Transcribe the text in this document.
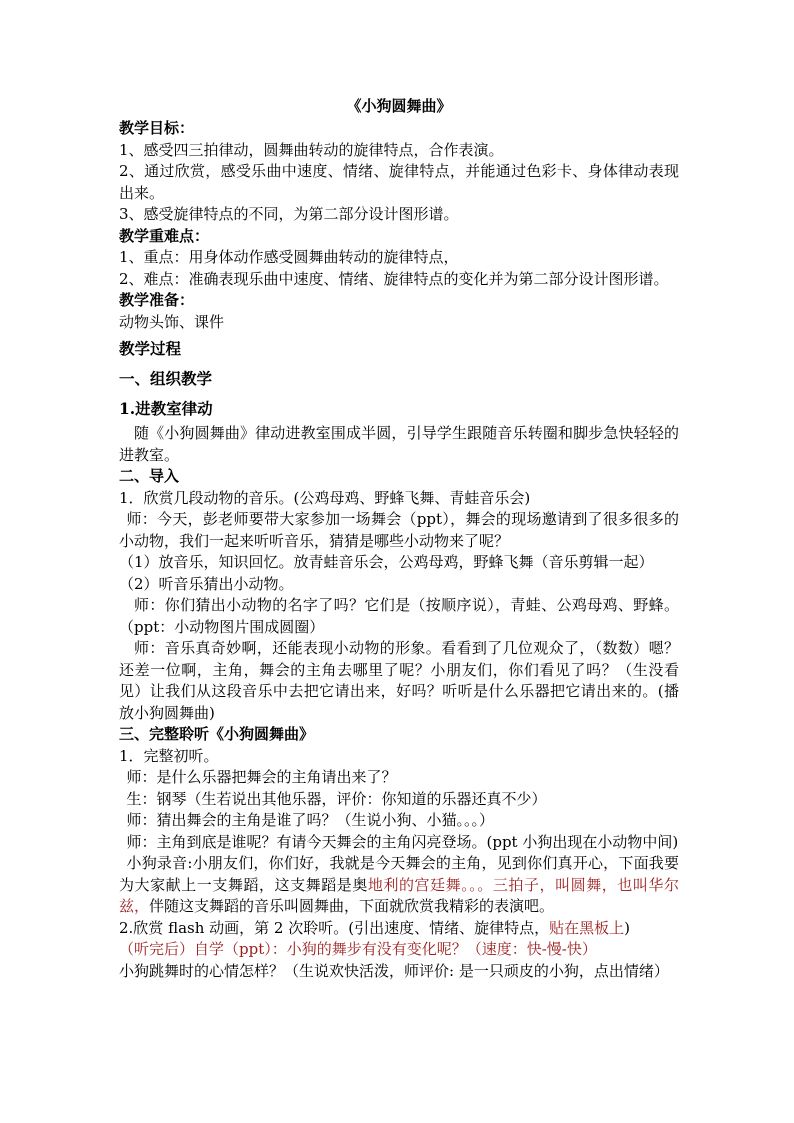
《小狗圆舞曲》

教学目标：

1、感受四三拍律动，圆舞曲转动的旋律特点，合作表演。

2、通过欣赏，感受乐曲中速度、情绪、旋律特点，并能通过色彩卡、身体律动表现出来。

3、感受旋律特点的不同，为第二部分设计图形谱。

教学重难点：

1、重点：用身体动作感受圆舞曲转动的旋律特点，

2、难点：准确表现乐曲中速度、情绪、旋律特点的变化并为第二部分设计图形谱。

教学准备：

动物头饰、课件

教学过程

一、组织教学

1.进教室律动

随《小狗圆舞曲》律动进教室围成半圆，引导学生跟随音乐转圈和脚步急快轻轻的进教室。

二、导入

1．欣赏几段动物的音乐。(公鸡母鸡、野蜂飞舞、青蛙音乐会)

师：今天，彭老师要带大家参加一场舞会（ppt），舞会的现场邀请到了很多很多的小动物，我们一起来听听音乐，猜猜是哪些小动物来了呢？

（1）放音乐，知识回忆。放青蛙音乐会，公鸡母鸡，野蜂飞舞（音乐剪辑一起）

（2）听音乐猜出小动物。

师：你们猜出小动物的名字了吗？它们是（按顺序说），青蛙、公鸡母鸡、野蜂。（ppt：小动物图片围成圆圈）

师：音乐真奇妙啊，还能表现小动物的形象。看看到了几位观众了，（数数）嗯？还差一位啊，主角，舞会的主角去哪里了呢？小朋友们，你们看见了吗？（生没看见）让我们从这段音乐中去把它请出来，好吗？听听是什么乐器把它请出来的。(播放小狗圆舞曲)

三、完整聆听《小狗圆舞曲》

1．完整初听。

师：是什么乐器把舞会的主角请出来了？

生：钢琴（生若说出其他乐器，评价：你知道的乐器还真不少）

师：猜出舞会的主角是谁了吗？（生说小狗、小猫。。。）

师：主角到底是谁呢？有请今天舞会的主角闪亮登场。(ppt 小狗出现在小动物中间)

小狗录音:小朋友们，你们好，我就是今天舞会的主角，见到你们真开心，下面我要为大家献上一支舞蹈，这支舞蹈是奥地利的宫廷舞。。。三拍子，叫圆舞，也叫华尔兹，伴随这支舞蹈的音乐叫圆舞曲，下面就欣赏我精彩的表演吧。

2.欣赏 flash 动画，第 2 次聆听。(引出速度、情绪、旋律特点，贴在黑板上)

（听完后）自学（ppt）：小狗的舞步有没有变化呢？（速度：快-慢-快）

小狗跳舞时的心情怎样？（生说欢快活泼，师评价: 是一只顽皮的小狗，点出情绪）
